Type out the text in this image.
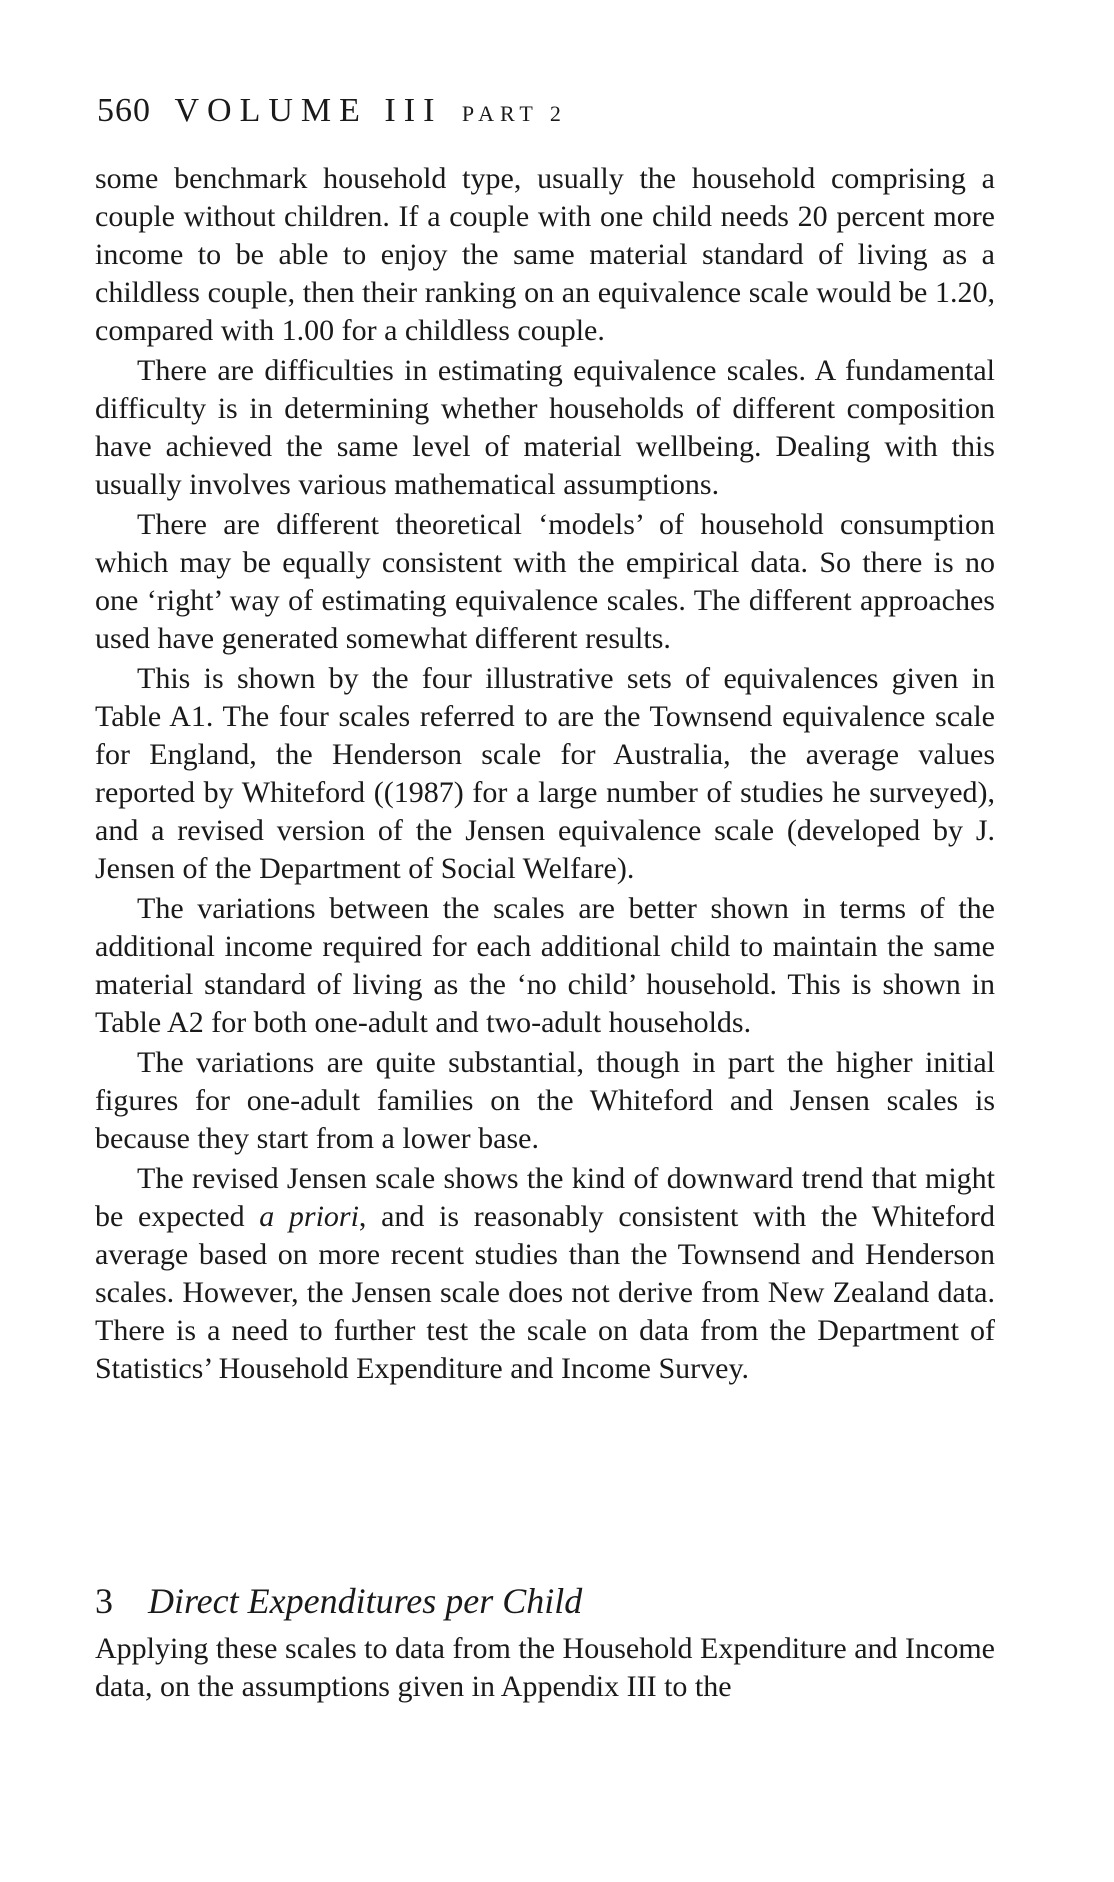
560 VOLUME III PART 2

some benchmark household type, usually the household comprising a couple without children. If a couple with one child needs 20 percent more income to be able to enjoy the same material standard of living as a childless couple, then their ranking on an equivalence scale would be 1.20, compared with 1.00 for a childless couple.

There are difficulties in estimating equivalence scales. A fundamental difficulty is in determining whether households of different composition have achieved the same level of material wellbeing. Dealing with this usually involves various mathematical assumptions.

There are different theoretical ‘models’ of household consumption which may be equally consistent with the empirical data. So there is no one ‘right’ way of estimating equivalence scales. The different approaches used have generated somewhat different results.

This is shown by the four illustrative sets of equivalences given in Table A1. The four scales referred to are the Townsend equivalence scale for England, the Henderson scale for Australia, the average values reported by Whiteford ((1987) for a large number of studies he surveyed), and a revised version of the Jensen equivalence scale (developed by J. Jensen of the Department of Social Welfare).

The variations between the scales are better shown in terms of the additional income required for each additional child to maintain the same material standard of living as the ‘no child’ household. This is shown in Table A2 for both one-adult and two-adult households.

The variations are quite substantial, though in part the higher initial figures for one-adult families on the Whiteford and Jensen scales is because they start from a lower base.

The revised Jensen scale shows the kind of downward trend that might be expected a priori, and is reasonably consistent with the Whiteford average based on more recent studies than the Townsend and Henderson scales. However, the Jensen scale does not derive from New Zealand data. There is a need to further test the scale on data from the Department of Statistics’ Household Expenditure and Income Survey.

3 Direct Expenditures per Child

Applying these scales to data from the Household Expenditure and Income data, on the assumptions given in Appendix III to the
